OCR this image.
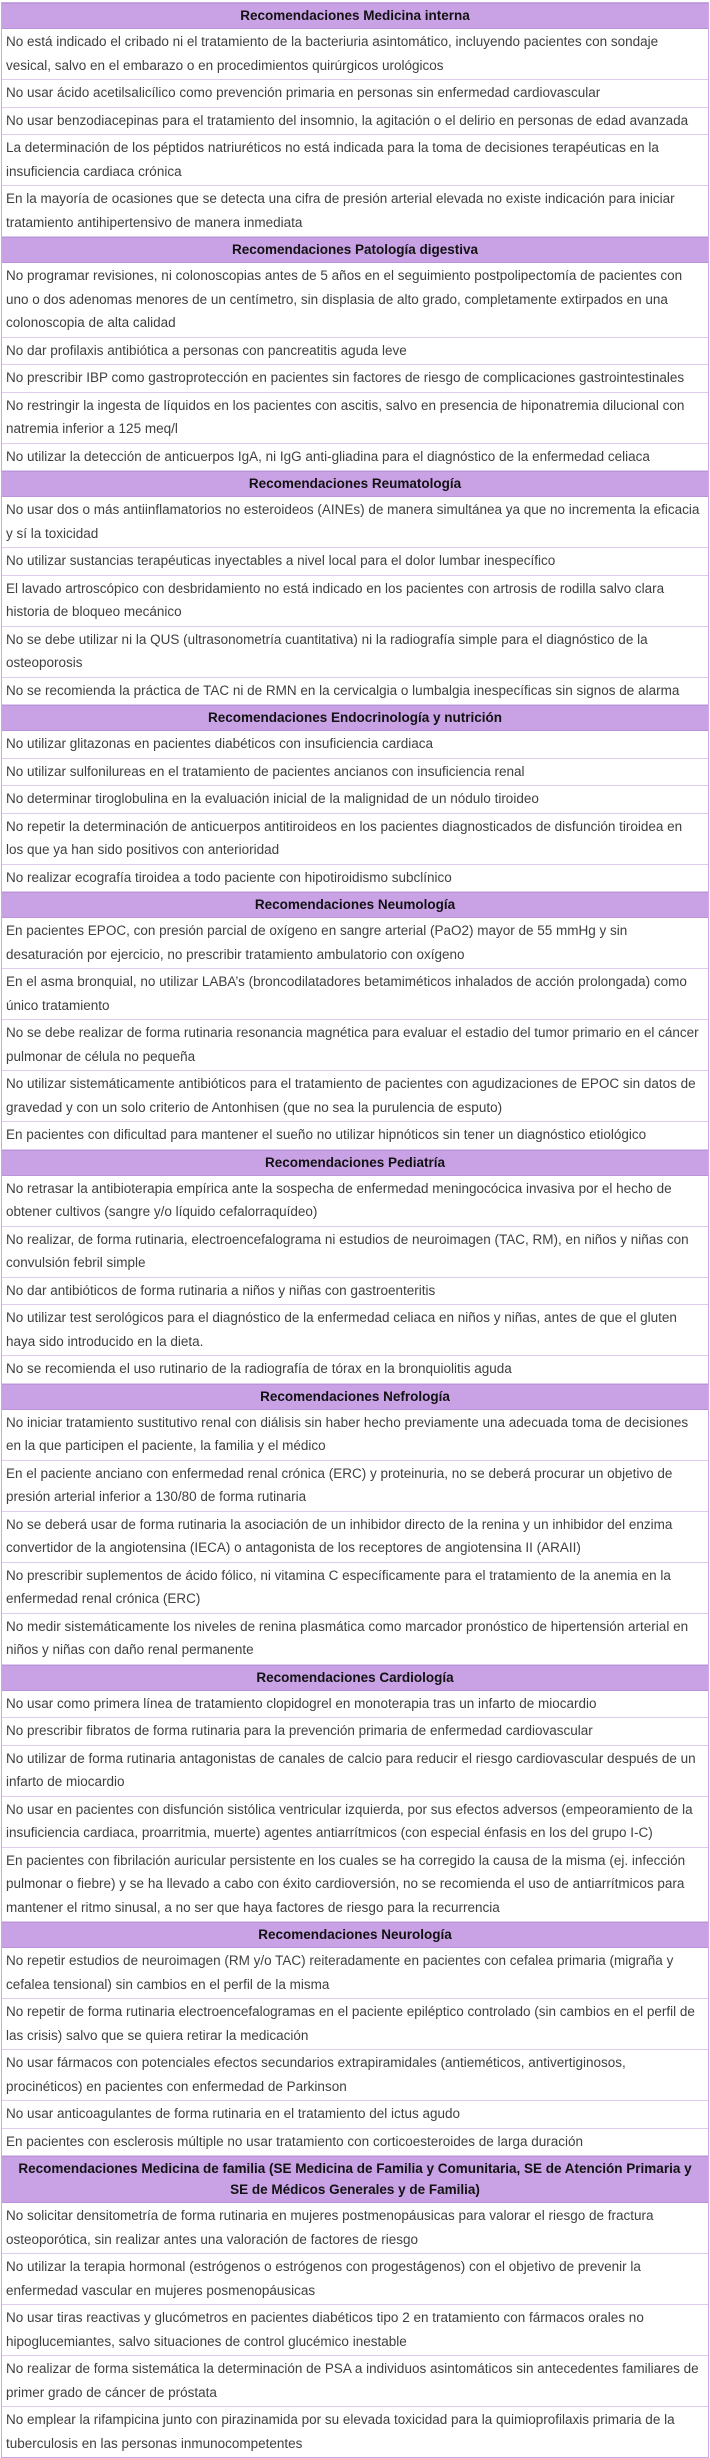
Recomendaciones Medicina interna
No está indicado el cribado ni el tratamiento de la bacteriuria asintomático, incluyendo pacientes con sondaje vesical, salvo en el embarazo o en procedimientos quirúrgicos urológicos
No usar ácido acetilsalicílico como prevención primaria en personas sin enfermedad cardiovascular
No usar benzodiacepinas para el tratamiento del insomnio, la agitación o el delirio en personas de edad avanzada
La determinación de los péptidos natriuréticos no está indicada para la toma de decisiones terapéuticas en la insuficiencia cardiaca crónica
En la mayoría de ocasiones que se detecta una cifra de presión arterial elevada no existe indicación para iniciar tratamiento antihipertensivo de manera inmediata
Recomendaciones Patología digestiva
No programar revisiones, ni colonoscopias antes de 5 años en el seguimiento postpolipectomía de pacientes con uno o dos adenomas menores de un centímetro, sin displasia de alto grado, completamente extirpados en una colonoscopia de alta calidad
No dar profilaxis antibiótica a personas con pancreatitis aguda leve
No prescribir IBP como gastroprotección en pacientes sin factores de riesgo de complicaciones gastrointestinales
No restringir la ingesta de líquidos en los pacientes con ascitis, salvo en presencia de hiponatremia dilucional con natremia inferior a 125 meq/l
No utilizar la detección de anticuerpos IgA, ni IgG anti-gliadina para el diagnóstico de la enfermedad celiaca
Recomendaciones Reumatología
No usar dos o más antiinflamatorios no esteroideos (AINEs) de manera simultánea ya que no incrementa la eficacia y sí la toxicidad
No utilizar sustancias terapéuticas inyectables a nivel local para el dolor lumbar inespecífico
El lavado artroscópico con desbridamiento no está indicado en los pacientes con artrosis de rodilla salvo clara historia de bloqueo mecánico
No se debe utilizar ni la QUS (ultrasonometría cuantitativa) ni la radiografía simple para el diagnóstico de la osteoporosis
No se recomienda la práctica de TAC ni de RMN en la cervicalgia o lumbalgia inespecíficas sin signos de alarma
Recomendaciones Endocrinología y nutrición
No utilizar glitazonas en pacientes diabéticos con insuficiencia cardiaca
No utilizar sulfonilureas en el tratamiento de pacientes ancianos con insuficiencia renal
No determinar tiroglobulina en la evaluación inicial de la malignidad de un nódulo tiroideo
No repetir la determinación de anticuerpos antitiroideos en los pacientes diagnosticados de disfunción tiroidea en los que ya han sido positivos con anterioridad
No realizar ecografía tiroidea a todo paciente con hipotiroidismo subclínico
Recomendaciones Neumología
En pacientes EPOC, con presión parcial de oxígeno en sangre arterial (PaO2) mayor de 55 mmHg y sin desaturación por ejercicio, no prescribir tratamiento ambulatorio con oxígeno
En el asma bronquial, no utilizar LABA’s (broncodilatadores betamiméticos inhalados de acción prolongada) como único tratamiento
No se debe realizar de forma rutinaria resonancia magnética para evaluar el estadio del tumor primario en el cáncer pulmonar de célula no pequeña
No utilizar sistemáticamente antibióticos para el tratamiento de pacientes con agudizaciones de EPOC sin datos de gravedad y con un solo criterio de Antonhisen (que no sea la purulencia de esputo)
En pacientes con dificultad para mantener el sueño no utilizar hipnóticos sin tener un diagnóstico etiológico
Recomendaciones Pediatría
No retrasar la antibioterapia empírica ante la sospecha de enfermedad meningocócica invasiva por el hecho de obtener cultivos (sangre y/o líquido cefalorraquídeo)
No realizar, de forma rutinaria, electroencefalograma ni estudios de neuroimagen (TAC, RM), en niños y niñas con convulsión febril simple
No dar antibióticos de forma rutinaria a niños y niñas con gastroenteritis
No utilizar test serológicos para el diagnóstico de la enfermedad celiaca en niños y niñas, antes de que el gluten haya sido introducido en la dieta.
No se recomienda el uso rutinario de la radiografía de tórax en la bronquiolitis aguda
Recomendaciones Nefrología
No iniciar tratamiento sustitutivo renal con diálisis sin haber hecho previamente una adecuada toma de decisiones en la que participen el paciente, la familia y el médico
En el paciente anciano con enfermedad renal crónica (ERC) y proteinuria, no se deberá procurar un objetivo de presión arterial inferior a 130/80 de forma rutinaria
No se deberá usar de forma rutinaria la asociación de un inhibidor directo de la renina y un inhibidor del enzima convertidor de la angiotensina (IECA) o antagonista de los receptores de angiotensina II (ARAII)
No prescribir suplementos de ácido fólico, ni vitamina C específicamente para el tratamiento de la anemia en la enfermedad renal crónica (ERC)
No medir sistemáticamente los niveles de renina plasmática como marcador pronóstico de hipertensión arterial en niños y niñas con daño renal permanente
Recomendaciones Cardiología
No usar como primera línea de tratamiento clopidogrel en monoterapia tras un infarto de miocardio
No prescribir fibratos de forma rutinaria para la prevención primaria de enfermedad cardiovascular
No utilizar de forma rutinaria antagonistas de canales de calcio para reducir el riesgo cardiovascular después de un infarto de miocardio
No usar en pacientes con disfunción sistólica ventricular izquierda, por sus efectos adversos (empeoramiento de la insuficiencia cardiaca, proarritmia, muerte) agentes antiarrítmicos (con especial énfasis en los del grupo I-C)
En pacientes con fibrilación auricular persistente en los cuales se ha corregido la causa de la misma (ej. infección pulmonar o fiebre) y se ha llevado a cabo con éxito cardioversión, no se recomienda el uso de antiarrítmicos para mantener el ritmo sinusal, a no ser que haya factores de riesgo para la recurrencia
Recomendaciones Neurología
No repetir estudios de neuroimagen (RM y/o TAC) reiteradamente en pacientes con cefalea primaria (migraña y cefalea tensional) sin cambios en el perfil de la misma
No repetir de forma rutinaria electroencefalogramas en el paciente epiléptico controlado (sin cambios en el perfil de las crisis) salvo que se quiera retirar la medicación
No usar fármacos con potenciales efectos secundarios extrapiramidales (antieméticos, antivertiginosos, procinéticos) en pacientes con enfermedad de Parkinson
No usar anticoagulantes de forma rutinaria en el tratamiento del ictus agudo
En pacientes con esclerosis múltiple no usar tratamiento con corticoesteroides de larga duración
Recomendaciones Medicina de familia (SE Medicina de Familia y Comunitaria, SE de Atención Primaria y SE de Médicos Generales y de Familia)
No solicitar densitometría de forma rutinaria en mujeres postmenopáusicas para valorar el riesgo de fractura osteoporótica, sin realizar antes una valoración de factores de riesgo
No utilizar la terapia hormonal (estrógenos o estrógenos con progestágenos) con el objetivo de prevenir la enfermedad vascular en mujeres posmenopáusicas
No usar tiras reactivas y glucómetros en pacientes diabéticos tipo 2 en tratamiento con fármacos orales no hipoglucemiantes, salvo situaciones de control glucémico inestable
No realizar de forma sistemática la determinación de PSA a individuos asintomáticos sin antecedentes familiares de primer grado de cáncer de próstata
No emplear la rifampicina junto con pirazinamida por su elevada toxicidad para la quimioprofilaxis primaria de la tuberculosis en las personas inmunocompetentes
